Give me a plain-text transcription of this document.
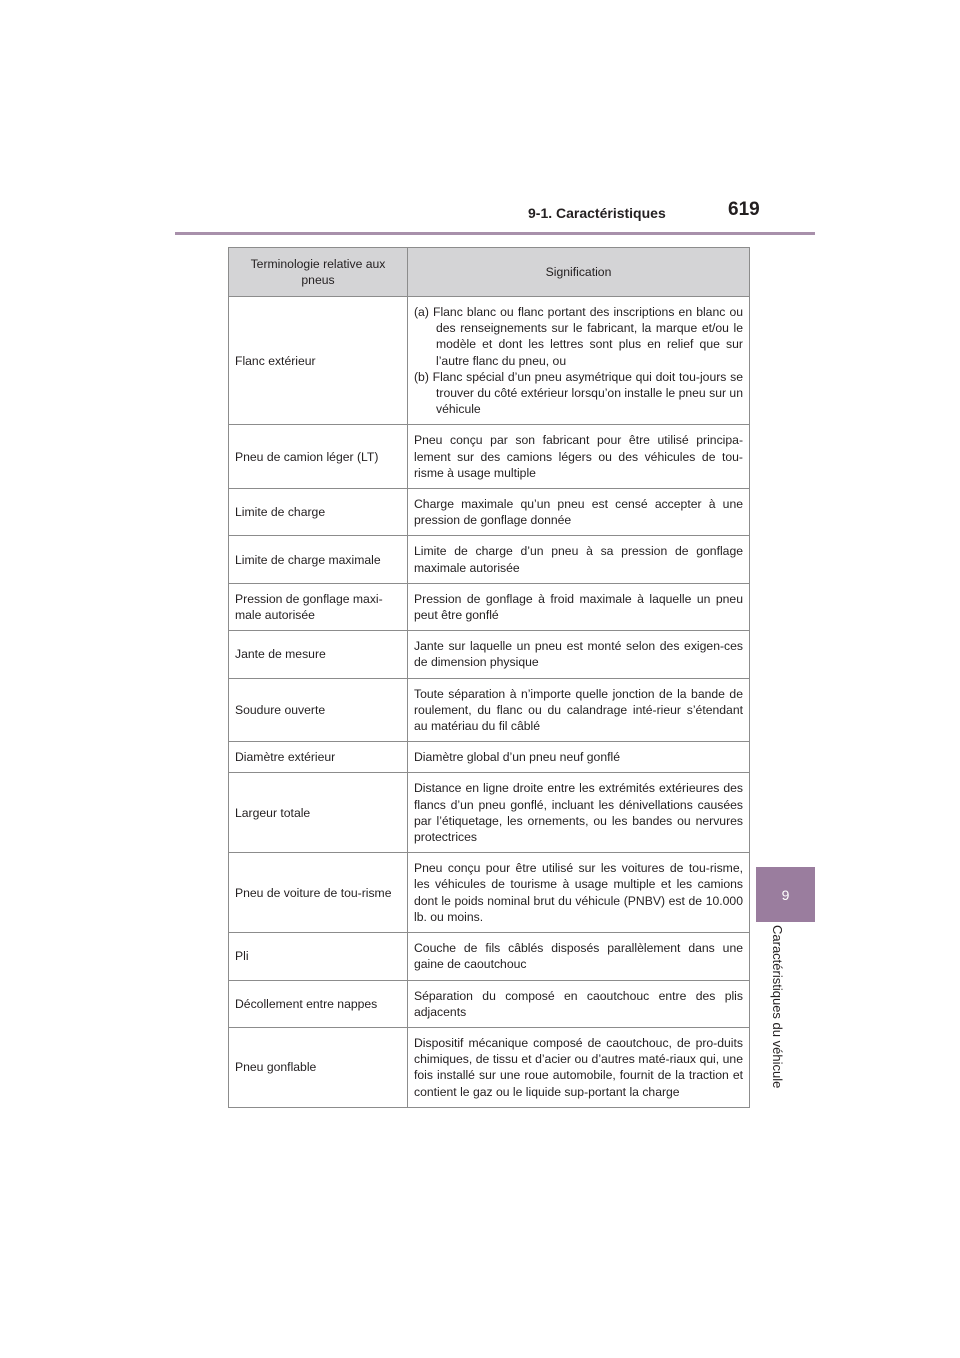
9-1. Caractéristiques	619
9
Caractéristiques du véhicule
Terminologie relative aux pneus	Signification
Flanc extérieur	(a) Flanc blanc ou flanc portant des inscriptions en blanc ou des renseignements sur le fabricant, la marque et/ou le modèle et dont les lettres sont plus en relief que sur l’autre flanc du pneu, ou
(b) Flanc spécial d’un pneu asymétrique qui doit tou-jours se trouver du côté extérieur lorsqu’on installe le pneu sur un véhicule

Pneu de camion léger (LT)	Pneu conçu par son fabricant pour être utilisé principa-lement sur des camions légers ou des véhicules de tou-risme à usage multiple
Limite de charge	Charge maximale qu’un pneu est censé accepter à une pression de gonflage donnée
Limite de charge maximale	Limite de charge d’un pneu à sa pression de gonflage maximale autorisée
Pression de gonflage maxi-male autorisée	Pression de gonflage à froid maximale à laquelle un pneu peut être gonflé
Jante de mesure	Jante sur laquelle un pneu est monté selon des exigen-ces de dimension physique
Soudure ouverte	Toute séparation à n’importe quelle jonction de la bande de roulement, du flanc ou du calandrage inté-rieur s’étendant au matériau du fil câblé
Diamètre extérieur	Diamètre global d’un pneu neuf gonflé
Largeur totale	Distance en ligne droite entre les extrémités extérieures des flancs d’un pneu gonflé, incluant les dénivellations causées par l’étiquetage, les ornements, ou les bandes ou nervures protectrices
Pneu de voiture de tou-risme	Pneu conçu pour être utilisé sur les voitures de tou-risme, les véhicules de tourisme à usage multiple et les camions dont le poids nominal brut du véhicule (PNBV) est de 10.000 lb. ou moins.
Pli	Couche de fils câblés disposés parallèlement dans une gaine de caoutchouc
Décollement entre nappes	Séparation du composé en caoutchouc entre des plis adjacents
Pneu gonflable	Dispositif mécanique composé de caoutchouc, de pro-duits chimiques, de tissu et d’acier ou d’autres maté-riaux qui, une fois installé sur une roue automobile, fournit de la traction et contient le gaz ou le liquide sup-portant la charge
